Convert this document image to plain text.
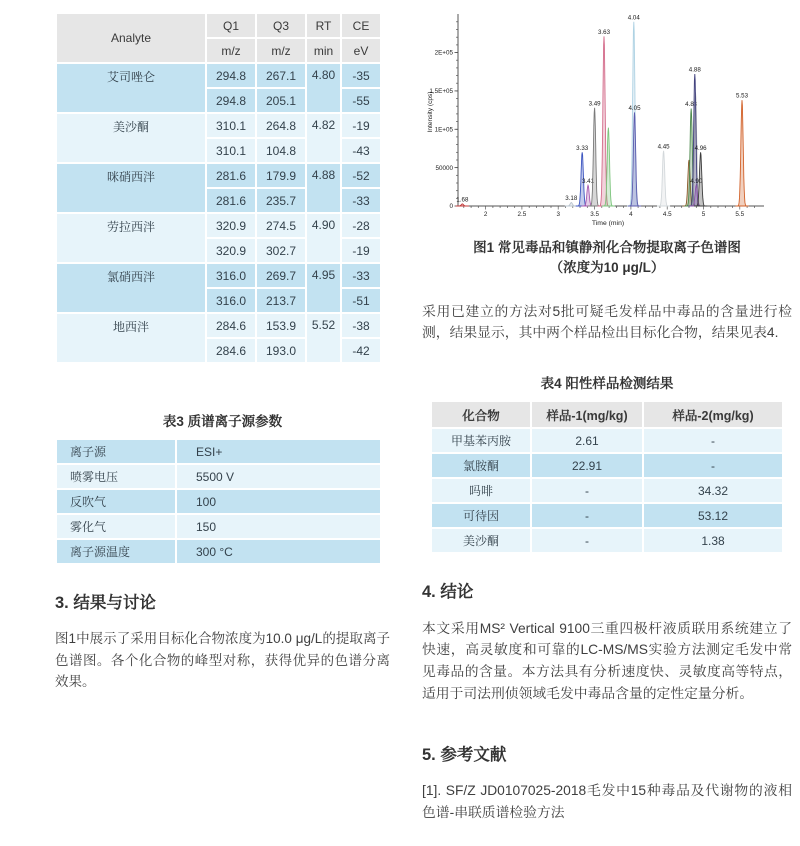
Analyte	Q1	Q3	RT	CE
	m/z	m/z	min	eV
艾司唑仑	294.8	267.1	4.80	-35
	294.8	205.1		-55
美沙酮	310.1	264.8	4.82	-19
	310.1	104.8		-43
咪硝西泮	281.6	179.9	4.88	-52
	281.6	235.7		-33
劳拉西泮	320.9	274.5	4.90	-28
	320.9	302.7		-19
氯硝西泮	316.0	269.7	4.95	-33
	316.0	213.7		-51
地西泮	284.6	153.9	5.52	-38
	284.6	193.0		-42
表3 质谱离子源参数
离子源	ESI+
喷雾电压	5500 V
反吹气	100
雾化气	150
离子源温度	300 °C
3. 结果与讨论

图1中展示了采用目标化合物浓度为10.0 μg/L的提取离子色谱图。各个化合物的峰型对称，获得优异的色谱分离效果。

2	2.5	3	3.5	4	4.5	5	5.5
0
50000
1E+05
1.5E+05
2E+05
Intensity (cps)
Time (min)
1.68	3.18
3.33
3.41
3.49
3.63
4.04
4.05
4.45
4.83
4.88
4.90
4.96
5.53
图1 常见毒品和镇静剂化合物提取离子色谱图
（浓度为10 μg/L）

采用已建立的方法对5批可疑毛发样品中毒品的含量进行检测，结果显示，其中两个样品检出目标化合物，结果见表4.

表4 阳性样品检测结果
化合物	样品-1(mg/kg)	样品-2(mg/kg)
甲基苯丙胺	2.61	-
氯胺酮	22.91	-
吗啡	-	34.32
可待因	-	53.12
美沙酮	-	1.38
4. 结论

本文采用MS² Vertical 9100三重四极杆液质联用系统建立了快速，高灵敏度和可靠的LC-MS/MS实验方法测定毛发中常见毒品的含量。本方法具有分析速度快、灵敏度高等特点，适用于司法刑侦领域毛发中毒品含量的定性定量分析。

5. 参考文献

[1]. SF/Z JD0107025-2018毛发中15种毒品及代谢物的液相色谱-串联质谱检验方法
